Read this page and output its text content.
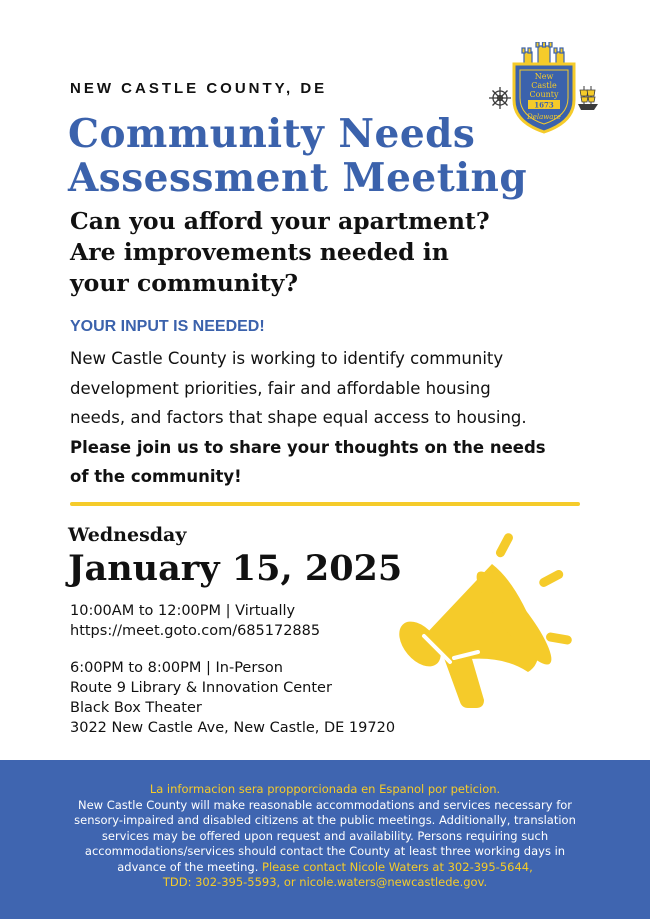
NEW CASTLE COUNTY, DE
New
Castle
County
1673
Delaware
Community Needs
Assessment Meeting
Can you afford your apartment?
Are improvements needed in
your community?
YOUR INPUT IS NEEDED!
New Castle County is working to identify community
development priorities, fair and affordable housing
needs, and factors that shape equal access to housing.
Please join us to share your thoughts on the needs
of the community!
Wednesday
January 15, 2025
10:00AM to 12:00PM | Virtually
https://meet.goto.com/685172885
6:00PM to 8:00PM | In-Person
Route 9 Library & Innovation Center
Black Box Theater
3022 New Castle Ave, New Castle, DE 19720
La informacion sera propporcionada en Espanol por peticion.
New Castle County will make reasonable accommodations and services necessary for
sensory-impaired and disabled citizens at the public meetings. Additionally, translation
services may be offered upon request and availability. Persons requiring such
accommodations/services should contact the County at least three working days in
advance of the meeting. Please contact Nicole Waters at 302-395-5644,
TDD: 302-395-5593, or nicole.waters@newcastlede.gov.
